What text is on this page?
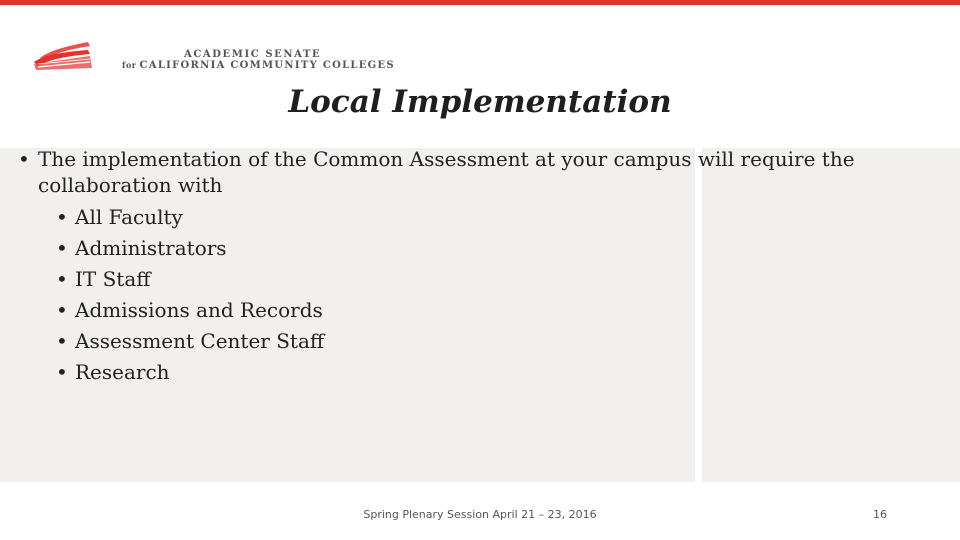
ACADEMIC SENATE
for CALIFORNIA COMMUNITY COLLEGES
Local Implementation
• The implementation of the Common Assessment at your campus will require the collaboration with
• All Faculty
• Administrators
• IT Staff
• Admissions and Records
• Assessment Center Staff
• Research
Spring Plenary Session April 21 – 23, 2016	16
